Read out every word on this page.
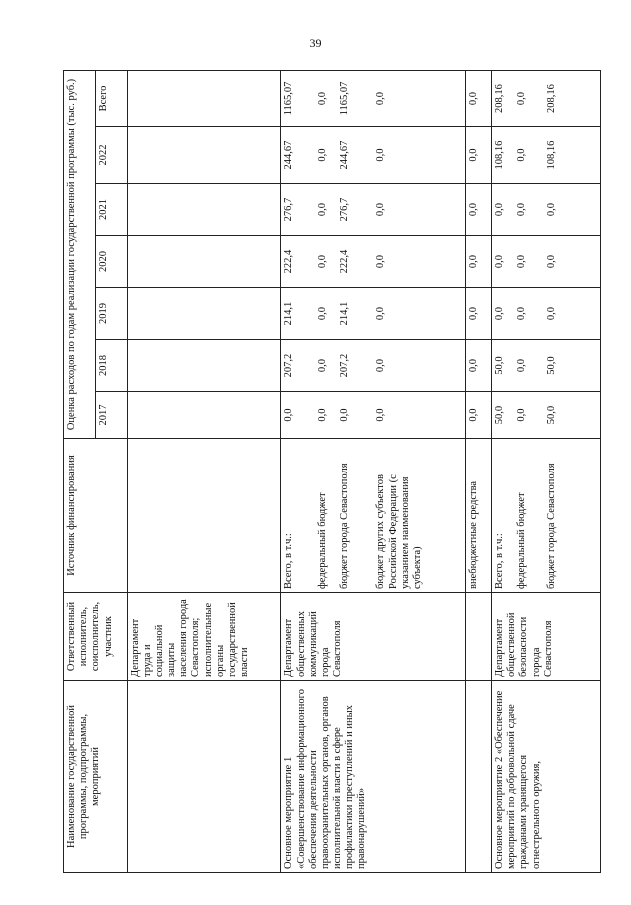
39
Наименование государственной программы, подпрограммы, мероприятий	Ответственный исполнитель, соисполнитель, участник	Источник финансирования	Оценка расходов по годам реализации государственной программы (тыс. руб.)						
			2017	2018	2019	2020	2021	2022	Всего
	Департамент труда и социальной защиты населения города Севастополя; исполнительные органы государственной власти								
Основное мероприятие 1 «Совершенствование информационного обеспечения деятельности правоохранительных органов, органов исполнительной власти в сфере профилактики преступлений и иных правонарушений»	Департамент общественных коммуникаций города Севастополя	Всего, в т.ч.: федеральный бюджет бюджет города Севастополя бюджет других субъектов Российской Федерации (с указанием наименования субъекта)	0,0 0,0 0,0 0,0	207,2 0,0 207,2 0,0	214,1 0,0 214,1 0,0	222,4 0,0 222,4 0,0	276,7 0,0 276,7 0,0	244,67 0,0 244,67 0,0	1165,07 0,0 1165,07 0,0

		внебюджетные средства	0,0	0,0	0,0	0,0	0,0	0,0	0,0
Основное мероприятие 2 «Обеспечение мероприятий по добровольной сдаче гражданами хранящегося огнестрельного оружия,	Департамент общественной безопасности города Севастополя	Всего, в т.ч.: федеральный бюджет бюджет города Севастополя	50,0 0,0 50,0	50,0 0,0 50,0	0,0 0,0 0,0	0,0 0,0 0,0	0,0 0,0 0,0	108,16 0,0 108,16	208,16 0,0 208,16
